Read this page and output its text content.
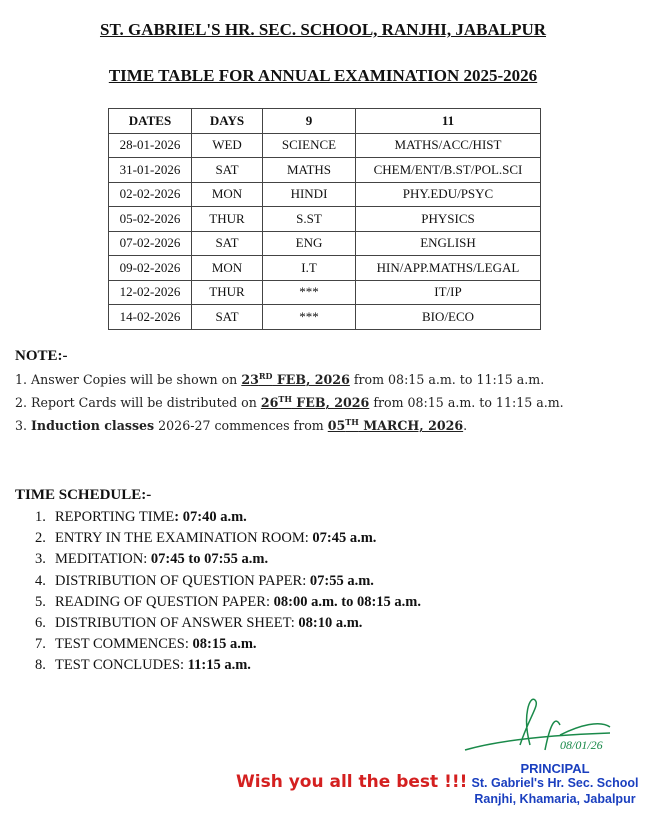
ST. GABRIEL'S HR. SEC. SCHOOL, RANJHI, JABALPUR
TIME TABLE FOR ANNUAL EXAMINATION 2025-2026
DATES	DAYS	9	11
28-01-2026	WED	SCIENCE	MATHS/ACC/HIST
31-01-2026	SAT	MATHS	CHEM/ENT/B.ST/POL.SCI
02-02-2026	MON	HINDI	PHY.EDU/PSYC
05-02-2026	THUR	S.ST	PHYSICS
07-02-2026	SAT	ENG	ENGLISH
09-02-2026	MON	I.T	HIN/APP.MATHS/LEGAL
12-02-2026	THUR	***	IT/IP
14-02-2026	SAT	***	BIO/ECO
NOTE:-
1. Answer Copies will be shown on 23RD FEB, 2026 from 08:15 a.m. to 11:15 a.m.
2. Report Cards will be distributed on 26TH FEB, 2026 from 08:15 a.m. to 11:15 a.m.
3. Induction classes 2026-27 commences from 05TH MARCH, 2026.
TIME SCHEDULE:-
1. REPORTING TIME: 07:40 a.m.
2. ENTRY IN THE EXAMINATION ROOM: 07:45 a.m.
3. MEDITATION: 07:45 to 07:55 a.m.
4. DISTRIBUTION OF QUESTION PAPER: 07:55 a.m.
5. READING OF QUESTION PAPER: 08:00 a.m. to 08:15 a.m.
6. DISTRIBUTION OF ANSWER SHEET: 08:10 a.m.
7. TEST COMMENCES: 08:15 a.m.
8. TEST CONCLUDES: 11:15 a.m.
Wish you all the best !!!
08/01/26
PRINCIPAL
St. Gabriel's Hr. Sec. School
Ranjhi, Khamaria, Jabalpur
